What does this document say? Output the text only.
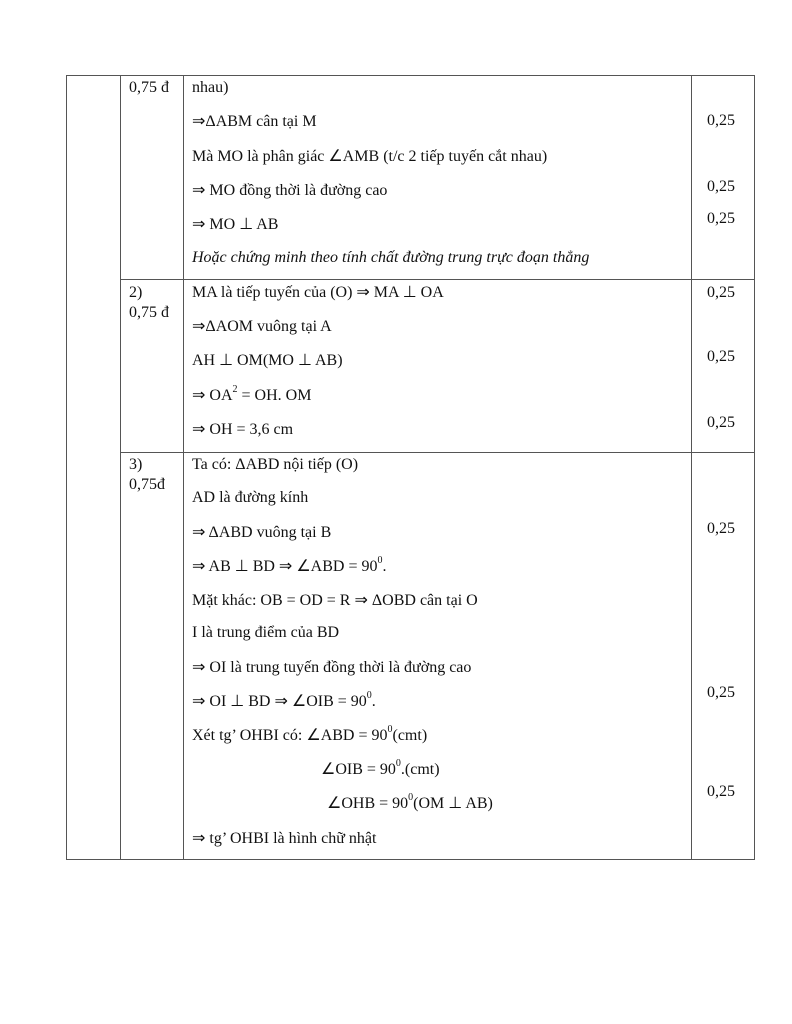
0,75 đ nhau)
⇒ΔABM cân tại M
Mà MO là phân giác ∠AMB (t/c 2 tiếp tuyến cắt nhau)
⇒ MO đồng thời là đường cao
⇒ MO ⊥ AB
Hoặc chứng minh theo tính chất đường trung trực đoạn thẳng
0,25
0,25
0,25
2)
0,75 đ
MA là tiếp tuyến của (O) ⇒ MA ⊥ OA
⇒ΔAOM vuông tại A
AH ⊥ OM(MO ⊥ AB)
⇒ $OA^2$ = OH. OM
⇒ OH = 3,6 cm
0,25
0,25
0,25
3)
0,75đ
Ta có: ΔABD nội tiếp (O)
AD là đường kính
⇒ ΔABD vuông tại B
⇒ AB ⊥ BD ⇒ ∠ABD = $90^0$.
Mặt khác: OB = OD = R ⇒ ΔOBD cân tại O
I là trung điểm của BD
⇒ OI là trung tuyến đồng thời là đường cao
⇒ OI ⊥ BD ⇒ ∠OIB = $90^0$.
Xét tg’ OHBI có: ∠ABD = $90^0(cmt)$
∠OIB = $90^0.(cmt)$
∠OHB = $90^0(OM$ ⊥ AB)
⇒ tg’ OHBI là hình chữ nhật
0,25
0,25
0,25
